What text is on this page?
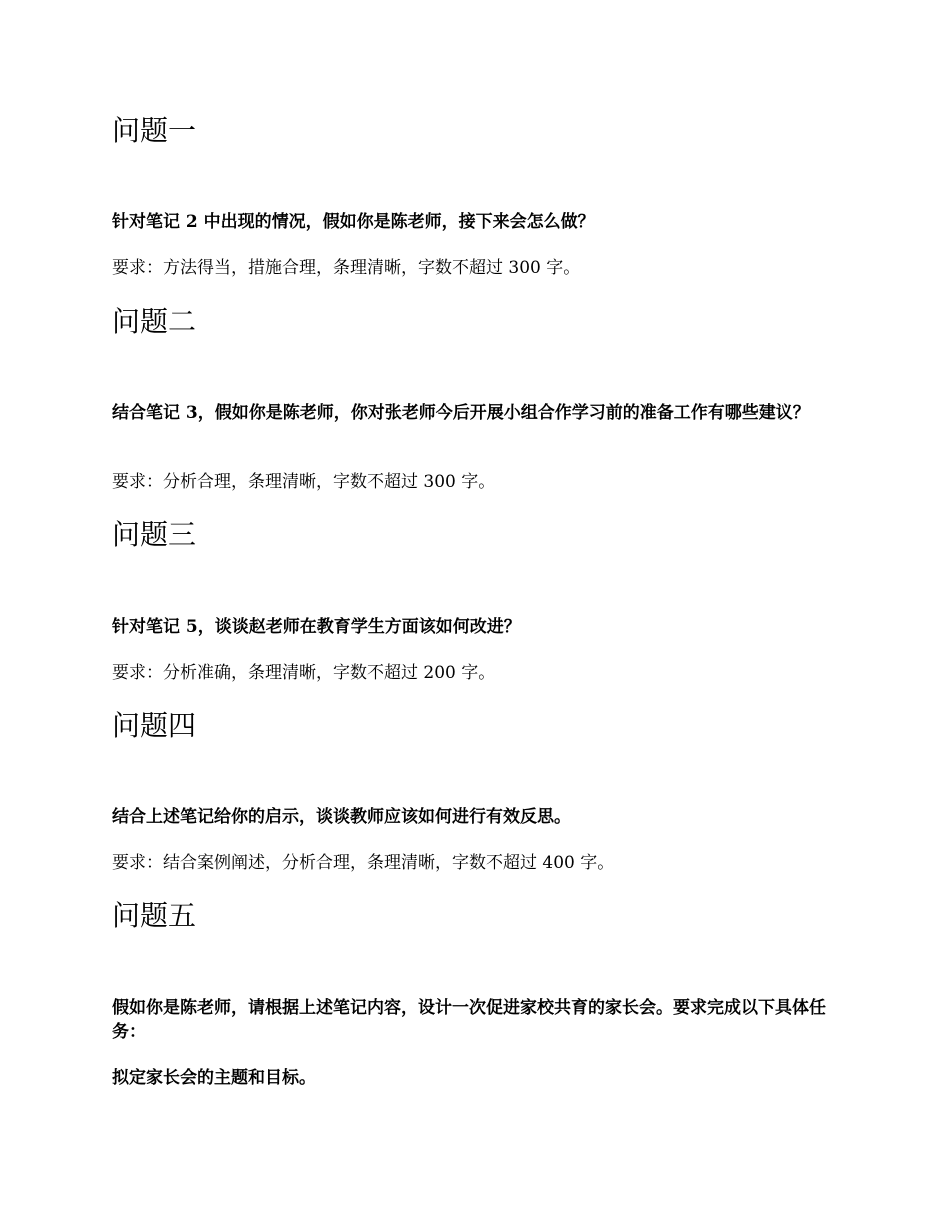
问题一

针对笔记 2 中出现的情况，假如你是陈老师，接下来会怎么做？

要求：方法得当，措施合理，条理清晰，字数不超过 300 字。

问题二

结合笔记 3，假如你是陈老师，你对张老师今后开展小组合作学习前的准备工作有哪些建议？

要求：分析合理，条理清晰，字数不超过 300 字。

问题三

针对笔记 5，谈谈赵老师在教育学生方面该如何改进？

要求：分析准确，条理清晰，字数不超过 200 字。

问题四

结合上述笔记给你的启示，谈谈教师应该如何进行有效反思。

要求：结合案例阐述，分析合理，条理清晰，字数不超过 400 字。

问题五

假如你是陈老师，请根据上述笔记内容，设计一次促进家校共育的家长会。要求完成以下具体任务：

拟定家长会的主题和目标。
